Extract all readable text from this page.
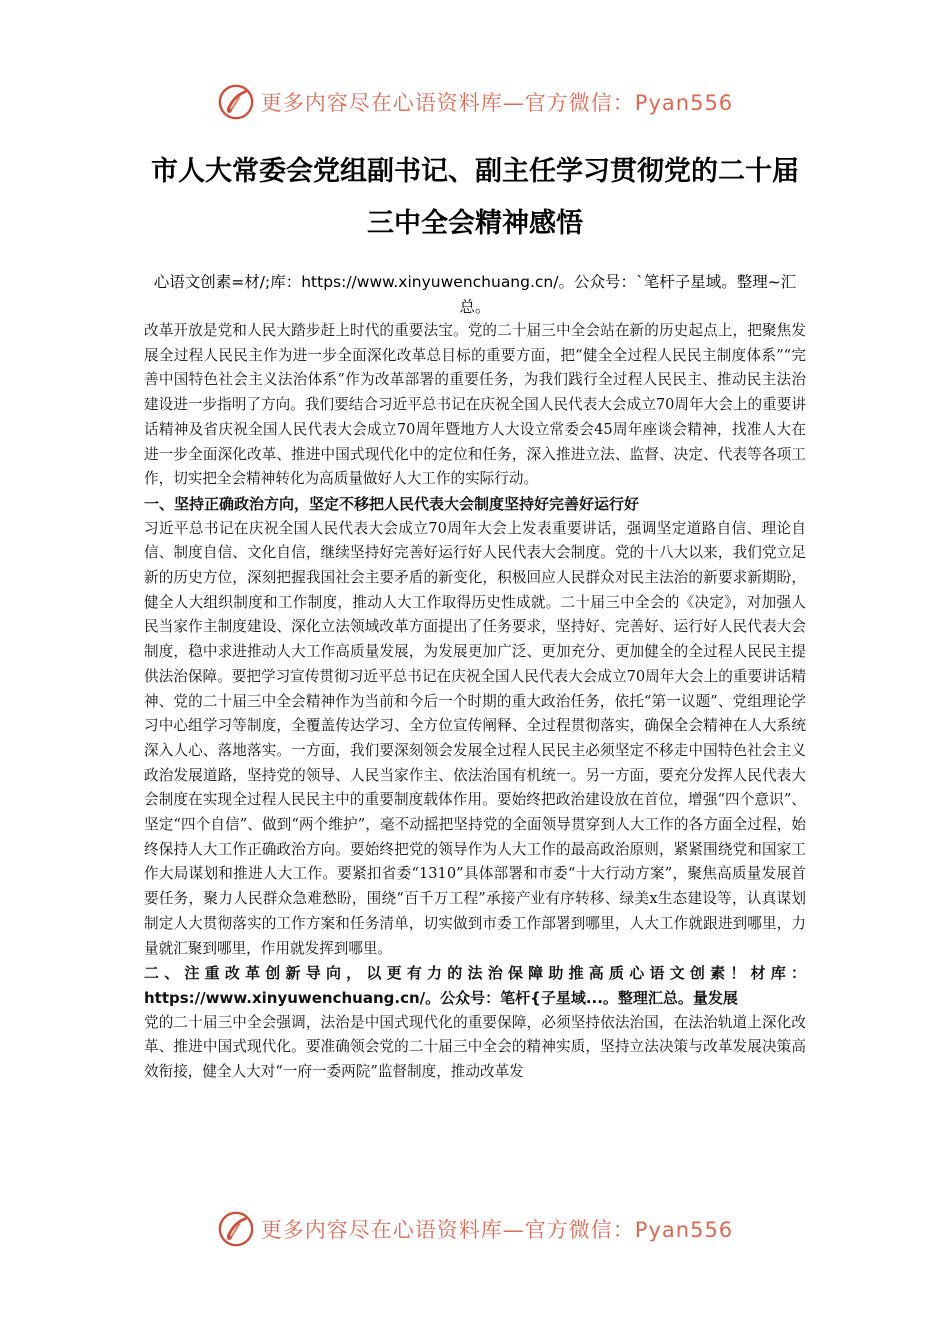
更多内容尽在心语资料库—官方微信：Pyan556
市人大常委会党组副书记、副主任学习贯彻党的二十届三中全会精神感悟

心语文创素=材/;库：https://www.xinyuwenchuang.cn/。公众号：`笔杆子星域。整理~汇总。

改革开放是党和人民大踏步赶上时代的重要法宝。党的二十届三中全会站在新的历史起点上，把聚焦发展全过程人民民主作为进一步全面深化改革总目标的重要方面，把“健全全过程人民民主制度体系”“完善中国特色社会主义法治体系”作为改革部署的重要任务，为我们践行全过程人民民主、推动民主法治建设进一步指明了方向。我们要结合习近平总书记在庆祝全国人民代表大会成立70周年大会上的重要讲话精神及省庆祝全国人民代表大会成立70周年暨地方人大设立常委会45周年座谈会精神，找准人大在进一步全面深化改革、推进中国式现代化中的定位和任务，深入推进立法、监督、决定、代表等各项工作，切实把全会精神转化为高质量做好人大工作的实际行动。

一、坚持正确政治方向，坚定不移把人民代表大会制度坚持好完善好运行好

习近平总书记在庆祝全国人民代表大会成立70周年大会上发表重要讲话，强调坚定道路自信、理论自信、制度自信、文化自信，继续坚持好完善好运行好人民代表大会制度。党的十八大以来，我们党立足新的历史方位，深刻把握我国社会主要矛盾的新变化，积极回应人民群众对民主法治的新要求新期盼，健全人大组织制度和工作制度，推动人大工作取得历史性成就。二十届三中全会的《决定》，对加强人民当家作主制度建设、深化立法领域改革方面提出了任务要求，坚持好、完善好、运行好人民代表大会制度，稳中求进推动人大工作高质量发展，为发展更加广泛、更加充分、更加健全的全过程人民民主提供法治保障。要把学习宣传贯彻习近平总书记在庆祝全国人民代表大会成立70周年大会上的重要讲话精神、党的二十届三中全会精神作为当前和今后一个时期的重大政治任务，依托“第一议题”、党组理论学习中心组学习等制度，全覆盖传达学习、全方位宣传阐释、全过程贯彻落实，确保全会精神在人大系统深入人心、落地落实。一方面，我们要深刻领会发展全过程人民民主必须坚定不移走中国特色社会主义政治发展道路，坚持党的领导、人民当家作主、依法治国有机统一。另一方面，要充分发挥人民代表大会制度在实现全过程人民民主中的重要制度载体作用。要始终把政治建设放在首位，增强“四个意识”、坚定“四个自信”、做到“两个维护”，毫不动摇把坚持党的全面领导贯穿到人大工作的各方面全过程，始终保持人大工作正确政治方向。要始终把党的领导作为人大工作的最高政治原则，紧紧围绕党和国家工作大局谋划和推进人大工作。要紧扣省委“1310”具体部署和市委“十大行动方案”，聚焦高质量发展首要任务，聚力人民群众急难愁盼，围绕“百千万工程”承接产业有序转移、绿美x生态建设等，认真谋划制定人大贯彻落实的工作方案和任务清单，切实做到市委工作部署到哪里，人大工作就跟进到哪里，力量就汇聚到哪里，作用就发挥到哪里。

二、注重改革创新导向，以更有力的法治保障助推高质心语文创素！材库：https://www.xinyuwenchuang.cn/。公众号：笔杆{子星域...。整理汇总。量发展

党的二十届三中全会强调，法治是中国式现代化的重要保障，必须坚持依法治国，在法治轨道上深化改革、推进中国式现代化。要准确领会党的二十届三中全会的精神实质，坚持立法决策与改革发展决策高效衔接，健全人大对“一府一委两院”监督制度，推动改革发

更多内容尽在心语资料库—官方微信：Pyan556
